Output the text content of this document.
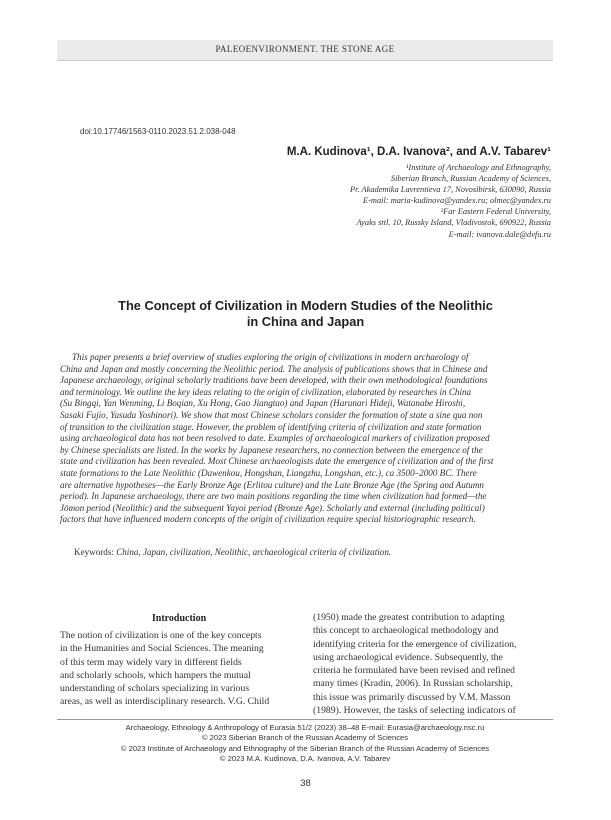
PALEOENVIRONMENT. THE STONE AGE
doi:10.17746/1563-0110.2023.51.2.038-048
M.A. Kudinova¹, D.A. Ivanova², and A.V. Tabarev¹
¹Institute of Archaeology and Ethnography,
Siberian Branch, Russian Academy of Sciences,
Pr. Akademika Lavrentieva 17, Novosibirsk, 630090, Russia
E-mail: maria-kudinova@yandex.ru; olmec@yandex.ru
²Far Eastern Federal University,
Ayaks sttl. 10, Russky Island, Vladivostok, 690922, Russia
E-mail: ivanova.dale@dvfu.ru
The Concept of Civilization in Modern Studies of the Neolithic
in China and Japan
This paper presents a brief overview of studies exploring the origin of civilizations in modern archaeology of
China and Japan and mostly concerning the Neolithic period. The analysis of publications shows that in Chinese and
Japanese archaeology, original scholarly traditions have been developed, with their own methodological foundations
and terminology. We outline the key ideas relating to the origin of civilization, elaborated by researches in China
(Su Bingqi, Yan Wenming, Li Boqian, Xu Hong, Gao Jiangtao) and Japan (Harunari Hideji, Watanabe Hiroshi,
Sasaki Fujio, Yasuda Yoshinori). We show that most Chinese scholars consider the formation of state a sine qua non
of transition to the civilization stage. However, the problem of identifying criteria of civilization and state formation
using archaeological data has not been resolved to date. Examples of archaeological markers of civilization proposed
by Chinese specialists are listed. In the works by Japanese researchers, no connection between the emergence of the
state and civilization has been revealed. Most Chinese archaeologists date the emergence of civilization and of the first
state formations to the Late Neolithic (Dawenkou, Hongshan, Liangzhu, Longshan, etc.), ca 3500–2000 BC. There
are alternative hypotheses—the Early Bronze Age (Erlitou culture) and the Late Bronze Age (the Spring and Autumn
period). In Japanese archaeology, there are two main positions regarding the time when civilization had formed—the
Jōmon period (Neolithic) and the subsequent Yayoi period (Bronze Age). Scholarly and external (including political)
factors that have influenced modern concepts of the origin of civilization require special historiographic research.
Keywords: China, Japan, civilization, Neolithic, archaeological criteria of civilization.
Introduction
The notion of civilization is one of the key concepts
in the Humanities and Social Sciences. The meaning
of this term may widely vary in different fields
and scholarly schools, which hampers the mutual
understanding of scholars specializing in various
areas, as well as interdisciplinary research. V.G. Child
(1950) made the greatest contribution to adapting
this concept to archaeological methodology and
identifying criteria for the emergence of civilization,
using archaeological evidence. Subsequently, the
criteria he formulated have been revised and refined
many times (Kradin, 2006). In Russian scholarship,
this issue was primarily discussed by V.M. Masson
(1989). However, the tasks of selecting indicators of
Archaeology, Ethnology & Anthropology of Eurasia 51/2 (2023) 38–48 E-mail: Eurasia@archaeology.nsc.ru
© 2023 Siberian Branch of the Russian Academy of Sciences
© 2023 Institute of Archaeology and Ethnography of the Siberian Branch of the Russian Academy of Sciences
© 2023 M.A. Kudinova, D.A. Ivanova, A.V. Tabarev
38
